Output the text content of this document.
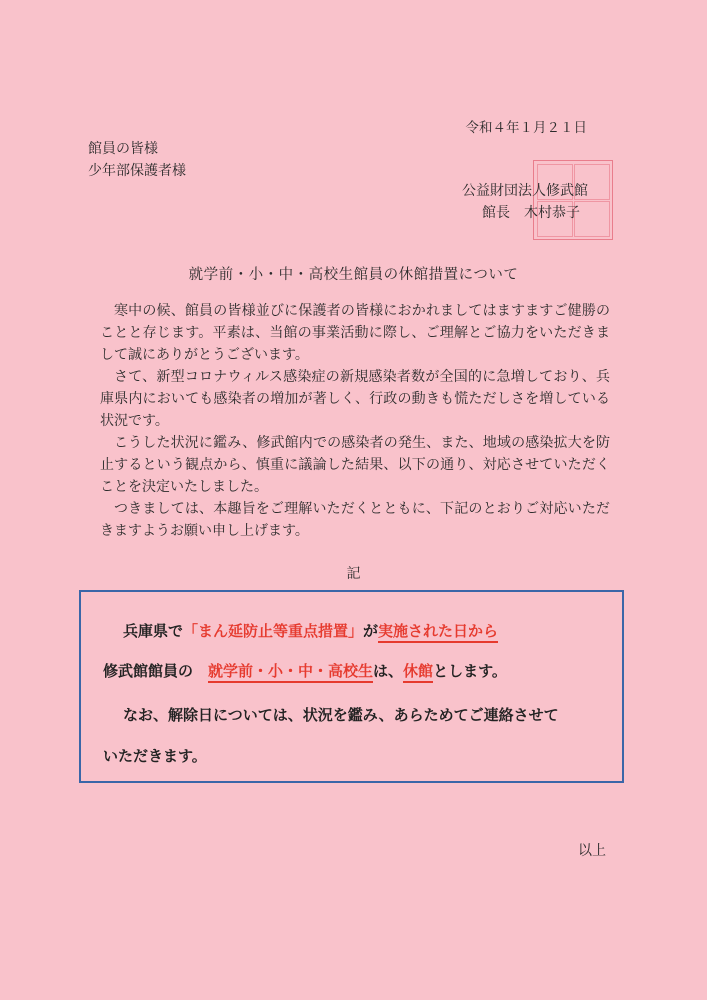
令和４年１月２１日
館員の皆様
少年部保護者様
公益財団法人修武館
館長　木村恭子
就学前・小・中・高校生館員の休館措置について

寒中の候、館員の皆様並びに保護者の皆様におかれましてはますますご健勝のことと存じます。平素は、当館の事業活動に際し、ご理解とご協力をいただきまして誠にありがとうございます。

さて、新型コロナウィルス感染症の新規感染者数が全国的に急増しており、兵庫県内においても感染者の増加が著しく、行政の動きも慌ただしさを増している状況です。

こうした状況に鑑み、修武館内での感染者の発生、また、地域の感染拡大を防止するという観点から、慎重に議論した結果、以下の通り、対応させていただくことを決定いたしました。

つきましては、本趣旨をご理解いただくとともに、下記のとおりご対応いただきますようお願い申し上げます。

記
兵庫県で「まん延防止等重点措置」が実施された日から
修武館館員の　就学前・小・中・高校生は、休館とします。
なお、解除日については、状況を鑑み、あらためてご連絡させて
いただきます。
以上
